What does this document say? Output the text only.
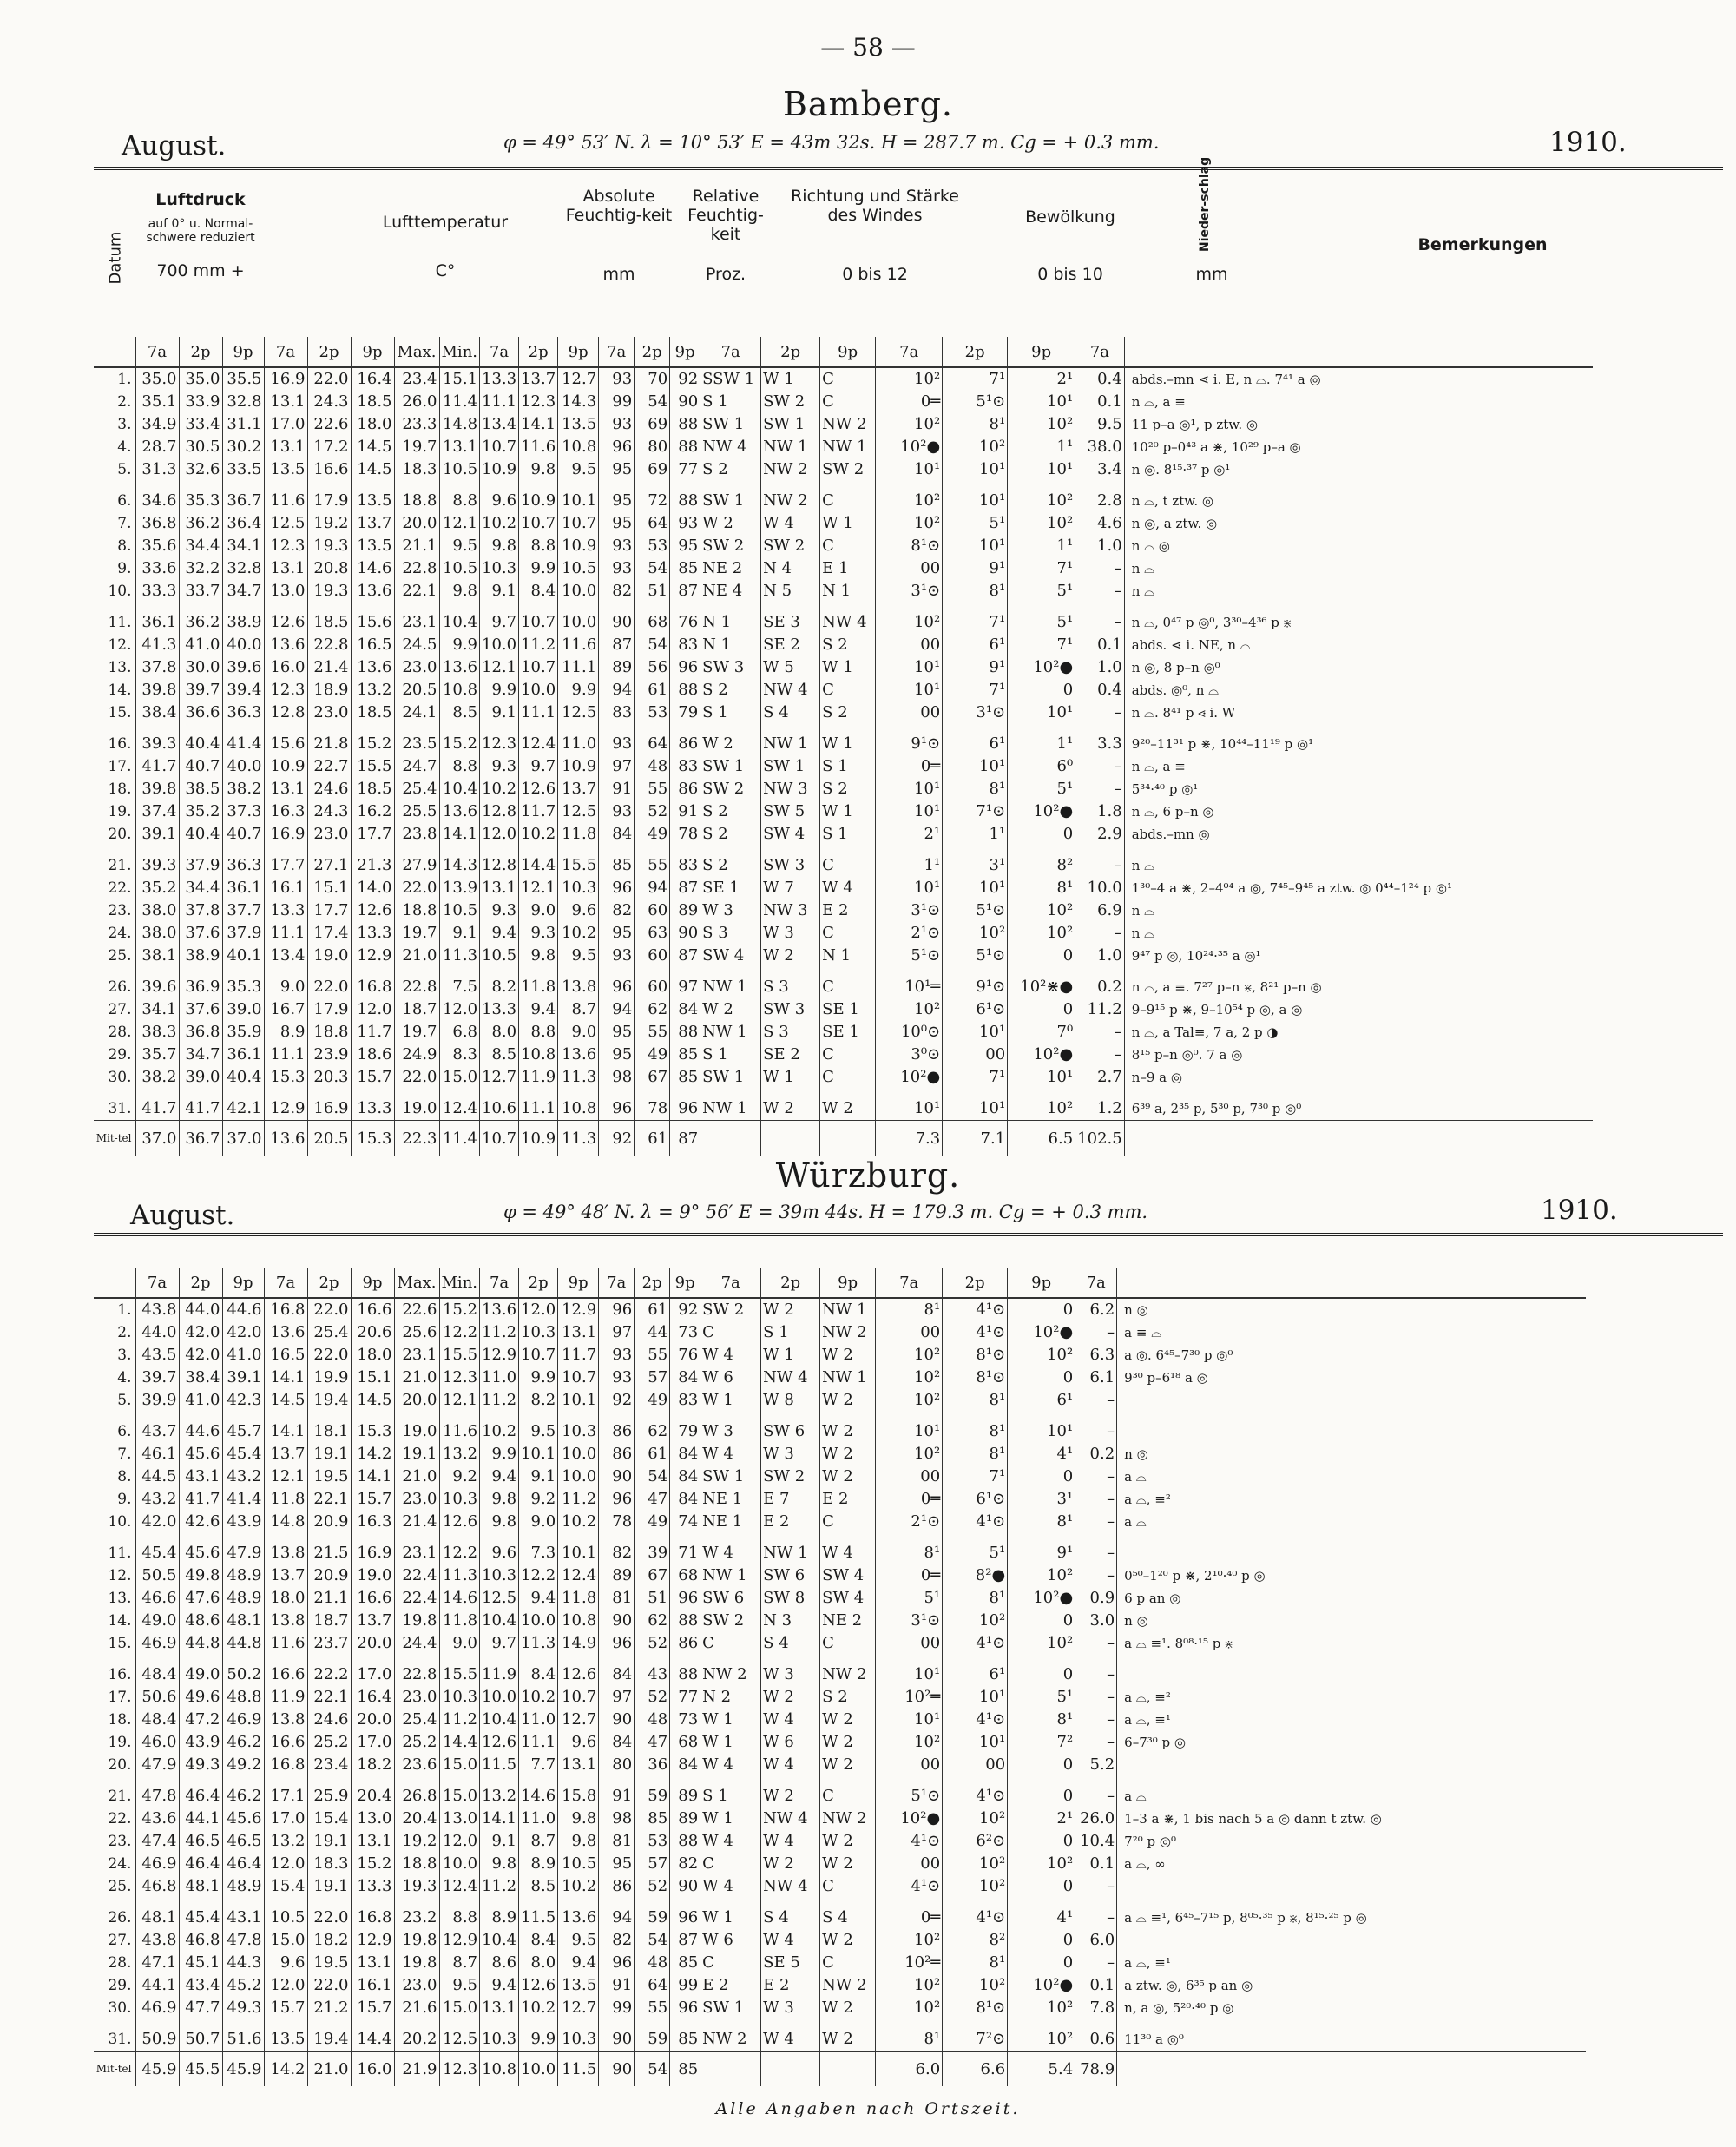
— 58 —
Bamberg.
August.	φ = 49° 53′ N. λ = 10° 53′ E = 43m 32s. H = 287.7 m. Cg = + 0.3 mm.	1910.
Datum
Luftdruck
auf 0° u. Normal-schwere reduziert
700 mm +
Lufttemperatur
C°
Absolute Feuchtig-keit
mm
Relative Feuchtig-keit
Proz.
Richtung und Stärke des Windes
0 bis 12
Bewölkung
0 bis 10
Nieder-schlag
mm
Bemerkungen
	7a	2p	9p	7a	2p	9p	Max.	Min.	7a	2p	9p	7a	2p	9p	7a	2p	9p	7a	2p	9p	7a	
1.	35.0	35.0	35.5	16.9	22.0	16.4	23.4	15.1	13.3	13.7	12.7	93	70	92	SSW 1	W 1	C	10²	7¹	2¹	0.4	abds.–mn ⋖ i. E, n ⌓. 7⁴¹ a ◎
2.	35.1	33.9	32.8	13.1	24.3	18.5	26.0	11.4	11.1	12.3	14.3	99	54	90	S 1	SW 2	C	0═	5¹⊙	10¹	0.1	n ⌓, a ≡
3.	34.9	33.4	31.1	17.0	22.6	18.0	23.3	14.8	13.4	14.1	13.5	93	69	88	SW 1	SW 1	NW 2	10²	8¹	10²	9.5	11 p–a ◎¹, p ztw. ◎
4.	28.7	30.5	30.2	13.1	17.2	14.5	19.7	13.1	10.7	11.6	10.8	96	80	88	NW 4	NW 1	NW 1	10²●	10²	1¹	38.0	10²⁰ p–0⁴³ a ⋇, 10²⁹ p–a ◎
5.	31.3	32.6	33.5	13.5	16.6	14.5	18.3	10.5	10.9	9.8	9.5	95	69	77	S 2	NW 2	SW 2	10¹	10¹	10¹	3.4	n ◎. 8¹⁵·³⁷ p ◎¹
6.	34.6	35.3	36.7	11.6	17.9	13.5	18.8	8.8	9.6	10.9	10.1	95	72	88	SW 1	NW 2	C	10²	10¹	10²	2.8	n ⌓, t ztw. ◎
7.	36.8	36.2	36.4	12.5	19.2	13.7	20.0	12.1	10.2	10.7	10.7	95	64	93	W 2	W 4	W 1	10²	5¹	10²	4.6	n ◎, a ztw. ◎
8.	35.6	34.4	34.1	12.3	19.3	13.5	21.1	9.5	9.8	8.8	10.9	93	53	95	SW 2	SW 2	C	8¹⊙	10¹	1¹	1.0	n ⌓ ◎
9.	33.6	32.2	32.8	13.1	20.8	14.6	22.8	10.5	10.3	9.9	10.5	93	54	85	NE 2	N 4	E 1	00	9¹	7¹	–	n ⌓
10.	33.3	33.7	34.7	13.0	19.3	13.6	22.1	9.8	9.1	8.4	10.0	82	51	87	NE 4	N 5	N 1	3¹⊙	8¹	5¹	–	n ⌓
11.	36.1	36.2	38.9	12.6	18.5	15.6	23.1	10.4	9.7	10.7	10.0	90	68	76	N 1	SE 3	NW 4	10²	7¹	5¹	–	n ⌓, 0⁴⁷ p ◎⁰, 3³⁰–4³⁶ p ⋇
12.	41.3	41.0	40.0	13.6	22.8	16.5	24.5	9.9	10.0	11.2	11.6	87	54	83	N 1	SE 2	S 2	00	6¹	7¹	0.1	abds. ⋖ i. NE, n ⌓
13.	37.8	30.0	39.6	16.0	21.4	13.6	23.0	13.6	12.1	10.7	11.1	89	56	96	SW 3	W 5	W 1	10¹	9¹	10²●	1.0	n ◎, 8 p–n ◎⁰
14.	39.8	39.7	39.4	12.3	18.9	13.2	20.5	10.8	9.9	10.0	9.9	94	61	88	S 2	NW 4	C	10¹	7¹	0	0.4	abds. ◎⁰, n ⌓
15.	38.4	36.6	36.3	12.8	23.0	18.5	24.1	8.5	9.1	11.1	12.5	83	53	79	S 1	S 4	S 2	00	3¹⊙	10¹	–	n ⌓. 8⁴¹ p ⋖ i. W
16.	39.3	40.4	41.4	15.6	21.8	15.2	23.5	15.2	12.3	12.4	11.0	93	64	86	W 2	NW 1	W 1	9¹⊙	6¹	1¹	3.3	9²⁰–11³¹ p ⋇, 10⁴⁴–11¹⁹ p ◎¹
17.	41.7	40.7	40.0	10.9	22.7	15.5	24.7	8.8	9.3	9.7	10.9	97	48	83	SW 1	SW 1	S 1	0═	10¹	6⁰	–	n ⌓, a ≡
18.	39.8	38.5	38.2	13.1	24.6	18.5	25.4	10.4	10.2	12.6	13.7	91	55	86	SW 2	NW 3	S 2	10¹	8¹	5¹	–	5³⁴·⁴⁰ p ◎¹
19.	37.4	35.2	37.3	16.3	24.3	16.2	25.5	13.6	12.8	11.7	12.5	93	52	91	S 2	SW 5	W 1	10¹	7¹⊙	10²●	1.8	n ⌓, 6 p–n ◎
20.	39.1	40.4	40.7	16.9	23.0	17.7	23.8	14.1	12.0	10.2	11.8	84	49	78	S 2	SW 4	S 1	2¹	1¹	0	2.9	abds.–mn ◎
21.	39.3	37.9	36.3	17.7	27.1	21.3	27.9	14.3	12.8	14.4	15.5	85	55	83	S 2	SW 3	C	1¹	3¹	8²	–	n ⌓
22.	35.2	34.4	36.1	16.1	15.1	14.0	22.0	13.9	13.1	12.1	10.3	96	94	87	SE 1	W 7	W 4	10¹	10¹	8¹	10.0	1³⁰–4 a ⋇, 2–4⁰⁴ a ◎, 7⁴⁵–9⁴⁵ a ztw. ◎ 0⁴⁴–1²⁴ p ◎¹
23.	38.0	37.8	37.7	13.3	17.7	12.6	18.8	10.5	9.3	9.0	9.6	82	60	89	W 3	NW 3	E 2	3¹⊙	5¹⊙	10²	6.9	n ⌓
24.	38.0	37.6	37.9	11.1	17.4	13.3	19.7	9.1	9.4	9.3	10.2	95	63	90	S 3	W 3	C	2¹⊙	10²	10²	–	n ⌓
25.	38.1	38.9	40.1	13.4	19.0	12.9	21.0	11.3	10.5	9.8	9.5	93	60	87	SW 4	W 2	N 1	5¹⊙	5¹⊙	0	1.0	9⁴⁷ p ◎, 10²⁴·³⁵ a ◎¹
26.	39.6	36.9	35.3	9.0	22.0	16.8	22.8	7.5	8.2	11.8	13.8	96	60	97	NW 1	S 3	C	10¹═	9¹⊙	10²⋇●	0.2	n ⌓, a ≡. 7²⁷ p–n ⋇, 8²¹ p–n ◎
27.	34.1	37.6	39.0	16.7	17.9	12.0	18.7	12.0	13.3	9.4	8.7	94	62	84	W 2	SW 3	SE 1	10²	6¹⊙	0	11.2	9–9¹⁵ p ⋇, 9–10⁵⁴ p ◎, a ◎
28.	38.3	36.8	35.9	8.9	18.8	11.7	19.7	6.8	8.0	8.8	9.0	95	55	88	NW 1	S 3	SE 1	10⁰⊙	10¹	7⁰	–	n ⌓, a Tal≡, 7 a, 2 p ◑
29.	35.7	34.7	36.1	11.1	23.9	18.6	24.9	8.3	8.5	10.8	13.6	95	49	85	S 1	SE 2	C	3⁰⊙	00	10²●	–	8¹⁵ p–n ◎⁰. 7 a ◎
30.	38.2	39.0	40.4	15.3	20.3	15.7	22.0	15.0	12.7	11.9	11.3	98	67	85	SW 1	W 1	C	10²●	7¹	10¹	2.7	n–9 a ◎
31.	41.7	41.7	42.1	12.9	16.9	13.3	19.0	12.4	10.6	11.1	10.8	96	78	96	NW 1	W 2	W 2	10¹	10¹	10²	1.2	6³⁹ a, 2³⁵ p, 5³⁰ p, 7³⁰ p ◎⁰
Mit-tel	37.0	36.7	37.0	13.6	20.5	15.3	22.3	11.4	10.7	10.9	11.3	92	61	87				7.3	7.1	6.5	102.5	
Würzburg.
August.	φ = 49° 48′ N. λ = 9° 56′ E = 39m 44s. H = 179.3 m. Cg = + 0.3 mm.	1910.
	7a	2p	9p	7a	2p	9p	Max.	Min.	7a	2p	9p	7a	2p	9p	7a	2p	9p	7a	2p	9p	7a	
1.	43.8	44.0	44.6	16.8	22.0	16.6	22.6	15.2	13.6	12.0	12.9	96	61	92	SW 2	W 2	NW 1	8¹	4¹⊙	0	6.2	n ◎
2.	44.0	42.0	42.0	13.6	25.4	20.6	25.6	12.2	11.2	10.3	13.1	97	44	73	C	S 1	NW 2	00	4¹⊙	10²●	–	a ≡ ⌓
3.	43.5	42.0	41.0	16.5	22.0	18.0	23.1	15.5	12.9	10.7	11.7	93	55	76	W 4	W 1	W 2	10²	8¹⊙	10²	6.3	a ◎. 6⁴⁵–7³⁰ p ◎⁰
4.	39.7	38.4	39.1	14.1	19.9	15.1	21.0	12.3	11.0	9.9	10.7	93	57	84	W 6	NW 4	NW 1	10²	8¹⊙	0	6.1	9³⁰ p–6¹⁸ a ◎
5.	39.9	41.0	42.3	14.5	19.4	14.5	20.0	12.1	11.2	8.2	10.1	92	49	83	W 1	W 8	W 2	10²	8¹	6¹	–	
6.	43.7	44.6	45.7	14.1	18.1	15.3	19.0	11.6	10.2	9.5	10.3	86	62	79	W 3	SW 6	W 2	10¹	8¹	10¹	–	
7.	46.1	45.6	45.4	13.7	19.1	14.2	19.1	13.2	9.9	10.1	10.0	86	61	84	W 4	W 3	W 2	10²	8¹	4¹	0.2	n ◎
8.	44.5	43.1	43.2	12.1	19.5	14.1	21.0	9.2	9.4	9.1	10.0	90	54	84	SW 1	SW 2	W 2	00	7¹	0	–	a ⌓
9.	43.2	41.7	41.4	11.8	22.1	15.7	23.0	10.3	9.8	9.2	11.2	96	47	84	NE 1	E 7	E 2	0═	6¹⊙	3¹	–	a ⌓, ≡²
10.	42.0	42.6	43.9	14.8	20.9	16.3	21.4	12.6	9.8	9.0	10.2	78	49	74	NE 1	E 2	C	2¹⊙	4¹⊙	8¹	–	a ⌓
11.	45.4	45.6	47.9	13.8	21.5	16.9	23.1	12.2	9.6	7.3	10.1	82	39	71	W 4	NW 1	W 4	8¹	5¹	9¹	–	
12.	50.5	49.8	48.9	13.7	20.9	19.0	22.4	11.3	10.3	12.2	12.4	89	67	68	NW 1	SW 6	SW 4	0═	8²●	10²	–	0⁵⁰–1²⁰ p ⋇, 2¹⁰·⁴⁰ p ◎
13.	46.6	47.6	48.9	18.0	21.1	16.6	22.4	14.6	12.5	9.4	11.8	81	51	96	SW 6	SW 8	SW 4	5¹	8¹	10²●	0.9	6 p an ◎
14.	49.0	48.6	48.1	13.8	18.7	13.7	19.8	11.8	10.4	10.0	10.8	90	62	88	SW 2	N 3	NE 2	3¹⊙	10²	0	3.0	n ◎
15.	46.9	44.8	44.8	11.6	23.7	20.0	24.4	9.0	9.7	11.3	14.9	96	52	86	C	S 4	C	00	4¹⊙	10²	–	a ⌓ ≡¹. 8⁰⁸·¹⁵ p ⋇
16.	48.4	49.0	50.2	16.6	22.2	17.0	22.8	15.5	11.9	8.4	12.6	84	43	88	NW 2	W 3	NW 2	10¹	6¹	0	–	
17.	50.6	49.6	48.8	11.9	22.1	16.4	23.0	10.3	10.0	10.2	10.7	97	52	77	N 2	W 2	S 2	10²═	10¹	5¹	–	a ⌓, ≡²
18.	48.4	47.2	46.9	13.8	24.6	20.0	25.4	11.2	10.4	11.0	12.7	90	48	73	W 1	W 4	W 2	10¹	4¹⊙	8¹	–	a ⌓, ≡¹
19.	46.0	43.9	46.2	16.6	25.2	17.0	25.2	14.4	12.6	11.1	9.6	84	47	68	W 1	W 6	W 2	10²	10¹	7²	–	6–7³⁰ p ◎
20.	47.9	49.3	49.2	16.8	23.4	18.2	23.6	15.0	11.5	7.7	13.1	80	36	84	W 4	W 4	W 2	00	00	0	5.2	
21.	47.8	46.4	46.2	17.1	25.9	20.4	26.8	15.0	13.2	14.6	15.8	91	59	89	S 1	W 2	C	5¹⊙	4¹⊙	0	–	a ⌓
22.	43.6	44.1	45.6	17.0	15.4	13.0	20.4	13.0	14.1	11.0	9.8	98	85	89	W 1	NW 4	NW 2	10²●	10²	2¹	26.0	1–3 a ⋇, 1 bis nach 5 a ◎ dann t ztw. ◎
23.	47.4	46.5	46.5	13.2	19.1	13.1	19.2	12.0	9.1	8.7	9.8	81	53	88	W 4	W 4	W 2	4¹⊙	6²⊙	0	10.4	7²⁰ p ◎⁰
24.	46.9	46.4	46.4	12.0	18.3	15.2	18.8	10.0	9.8	8.9	10.5	95	57	82	C	W 2	W 2	00	10²	10²	0.1	a ⌓, ∞
25.	46.8	48.1	48.9	15.4	19.1	13.3	19.3	12.4	11.2	8.5	10.2	86	52	90	W 4	NW 4	C	4¹⊙	10²	0	–	
26.	48.1	45.4	43.1	10.5	22.0	16.8	23.2	8.8	8.9	11.5	13.6	94	59	96	W 1	S 4	S 4	0═	4¹⊙	4¹	–	a ⌓ ≡¹, 6⁴⁵–7¹⁵ p, 8⁰⁵·³⁵ p ⋇, 8¹⁵·²⁵ p ◎
27.	43.8	46.8	47.8	15.0	18.2	12.9	19.8	12.9	10.4	8.4	9.5	82	54	87	W 6	W 4	W 2	10²	8²	0	6.0	
28.	47.1	45.1	44.3	9.6	19.5	13.1	19.8	8.7	8.6	8.0	9.4	96	48	85	C	SE 5	C	10²═	8¹	0	–	a ⌓, ≡¹
29.	44.1	43.4	45.2	12.0	22.0	16.1	23.0	9.5	9.4	12.6	13.5	91	64	99	E 2	E 2	NW 2	10²	10²	10²●	0.1	a ztw. ◎, 6³⁵ p an ◎
30.	46.9	47.7	49.3	15.7	21.2	15.7	21.6	15.0	13.1	10.2	12.7	99	55	96	SW 1	W 3	W 2	10²	8¹⊙	10²	7.8	n, a ◎, 5²⁰·⁴⁰ p ◎
31.	50.9	50.7	51.6	13.5	19.4	14.4	20.2	12.5	10.3	9.9	10.3	90	59	85	NW 2	W 4	W 2	8¹	7²⊙	10²	0.6	11³⁰ a ◎⁰
Mit-tel	45.9	45.5	45.9	14.2	21.0	16.0	21.9	12.3	10.8	10.0	11.5	90	54	85				6.0	6.6	5.4	78.9	
Alle Angaben nach Ortszeit.
